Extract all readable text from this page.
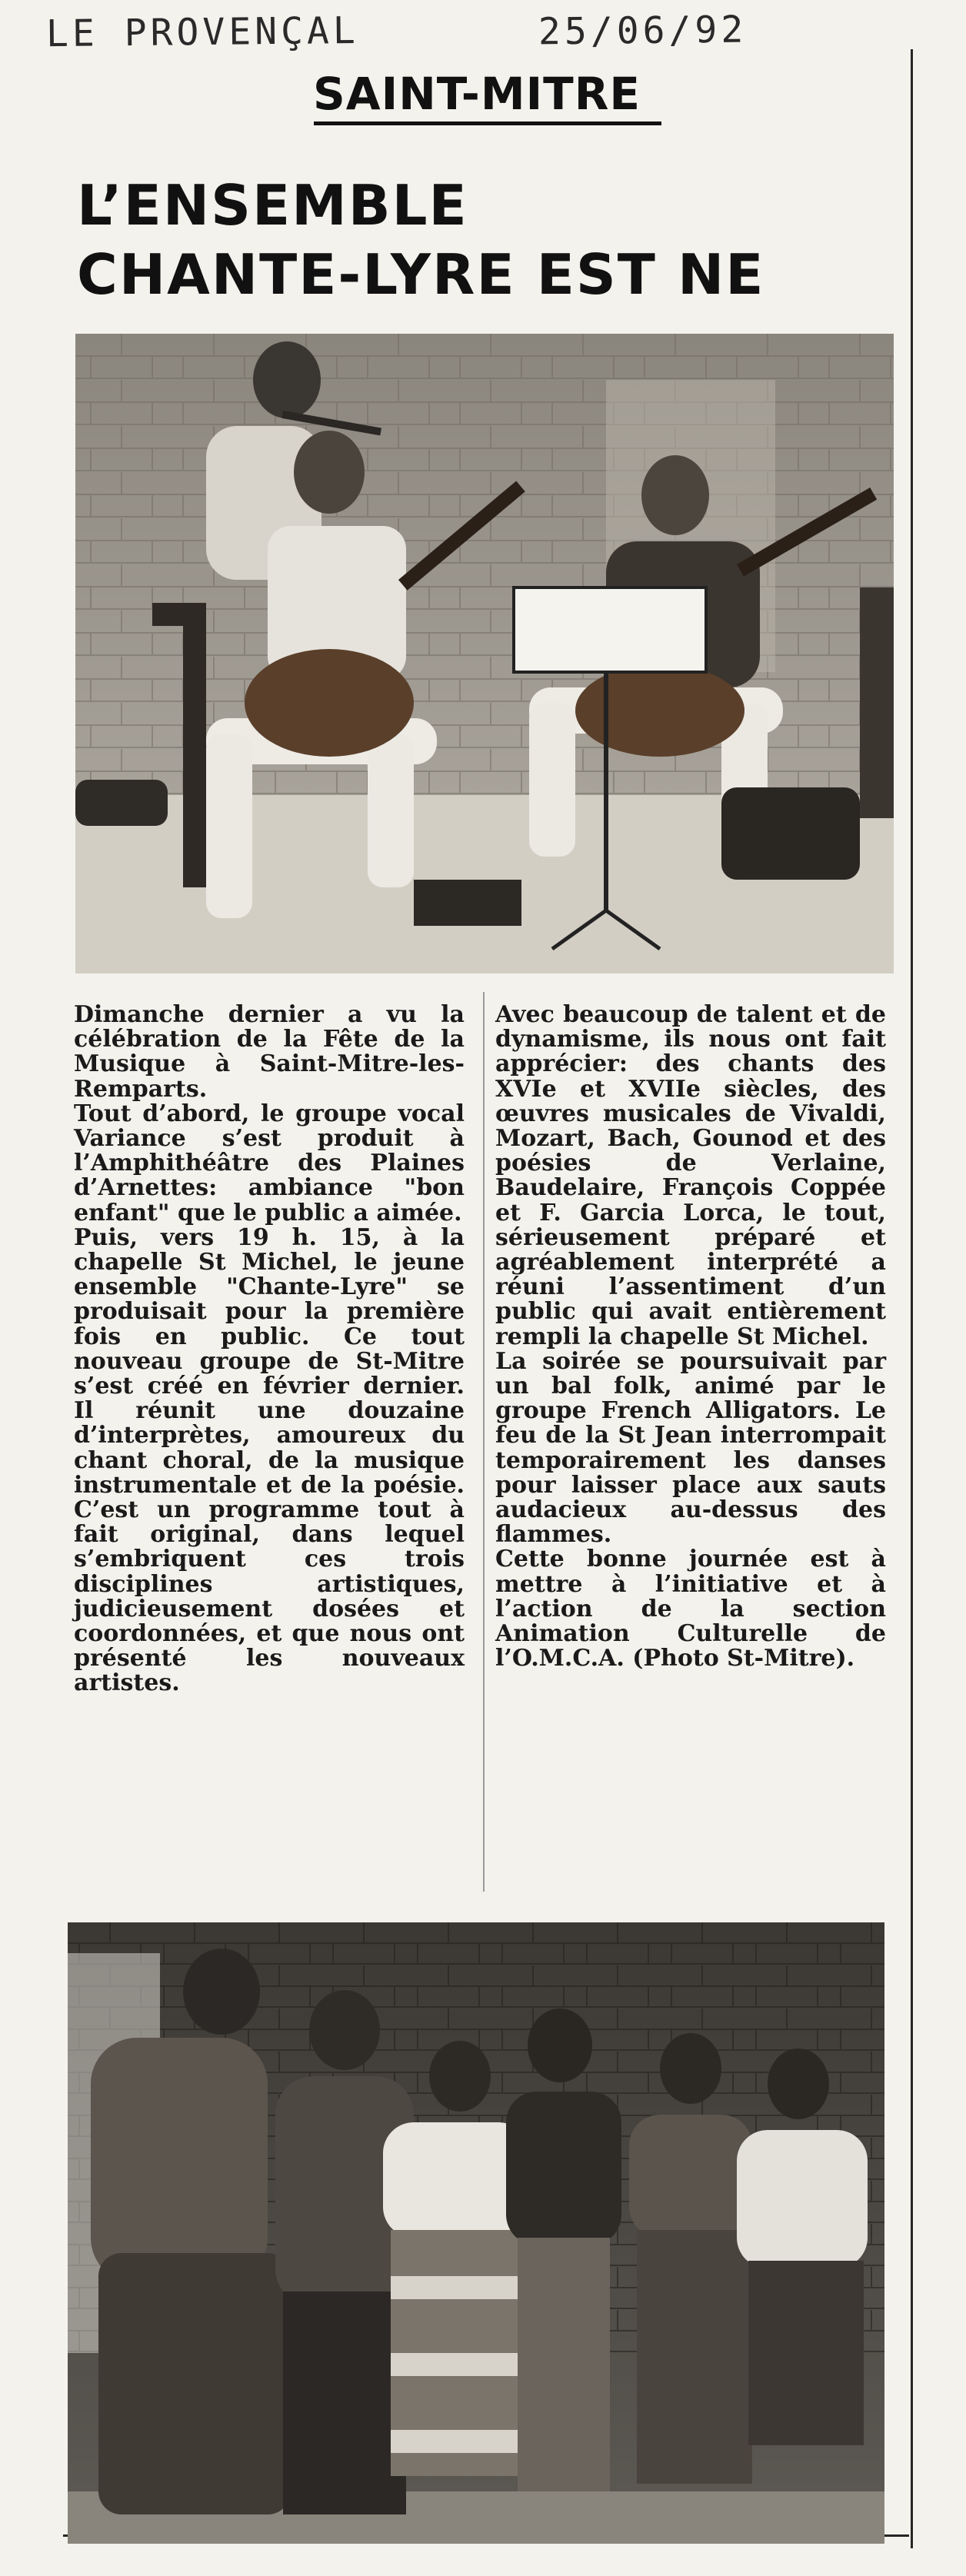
LE PROVENÇAL	25/06/92
SAINT-MITRE
L’ENSEMBLE
CHANTE-LYRE EST NE

Dimanche dernier a vu la célébration de la Fête de la Musique à Saint-Mitre-les-Remparts.

Tout d’abord, le groupe vocal Variance s’est produit à l’Amphithéâtre des Plaines d’Arnettes: ambiance "bon enfant" que le public a aimée.

Puis, vers 19 h. 15, à la chapelle St Michel, le jeune ensemble "Chante-Lyre" se produisait pour la première fois en public. Ce tout nouveau groupe de St-Mitre s’est créé en février dernier. Il réunit une douzaine d’interprètes, amoureux du chant choral, de la musique instrumentale et de la poésie. C’est un programme tout à fait original, dans lequel s’embriquent ces trois disciplines artistiques, judicieusement dosées et coordonnées, et que nous ont présenté les nouveaux artistes.

Avec beaucoup de talent et de dynamisme, ils nous ont fait apprécier: des chants des XVIe et XVIIe siècles, des œuvres musicales de Vivaldi, Mozart, Bach, Gounod et des poésies de Verlaine, Baudelaire, François Coppée et F. Garcia Lorca, le tout, sérieusement préparé et agréablement interprété a réuni l’assentiment d’un public qui avait entièrement rempli la chapelle St Michel.

La soirée se poursuivait par un bal folk, animé par le groupe French Alligators. Le feu de la St Jean interrompait temporairement les danses pour laisser place aux sauts audacieux au-dessus des flammes.

Cette bonne journée est à mettre à l’initiative et à l’action de la section Animation Culturelle de l’O.M.C.A. (Photo St-Mitre).
